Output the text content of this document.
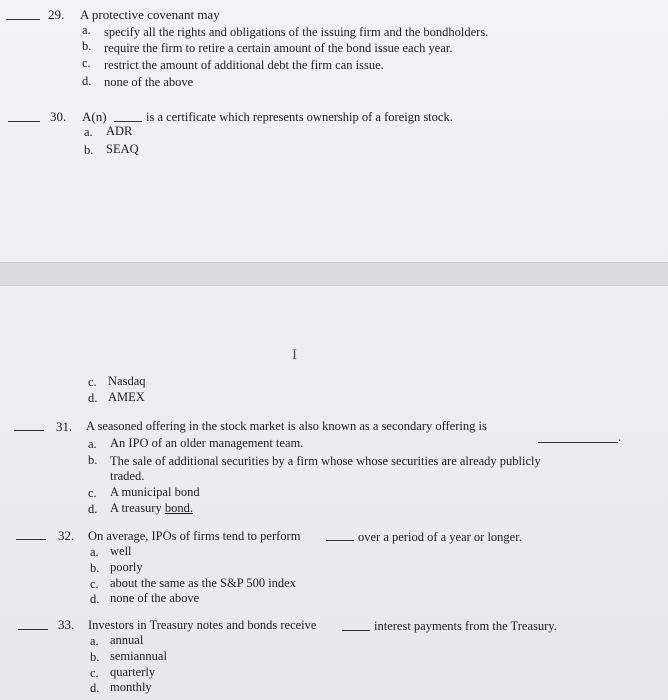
29. A protective covenant may
a. specify all the rights and obligations of the issuing firm and the bondholders.
b. require the firm to retire a certain amount of the bond issue each year.
c. restrict the amount of additional debt the firm can issue.
d. none of the above
30. A(n)	is a certificate which represents ownership of a foreign stock.
a. ADR
b. SEAQ
I
c. Nasdaq
d. AMEX
31. A seasoned offering in the stock market is also known as a secondary offering is
.
a. An IPO of an older management team.
b. The sale of additional securities by a firm whose whose securities are already publicly
traded.
c. A municipal bond
d. A treasury bond.
32. On average, IPOs of firms tend to perform	over a period of a year or longer.
a. well
b. poorly
c. about the same as the S&P 500 index
d. none of the above
33. Investors in Treasury notes and bonds receive	interest payments from the Treasury.
a. annual
b. semiannual
c. quarterly
d. monthly
